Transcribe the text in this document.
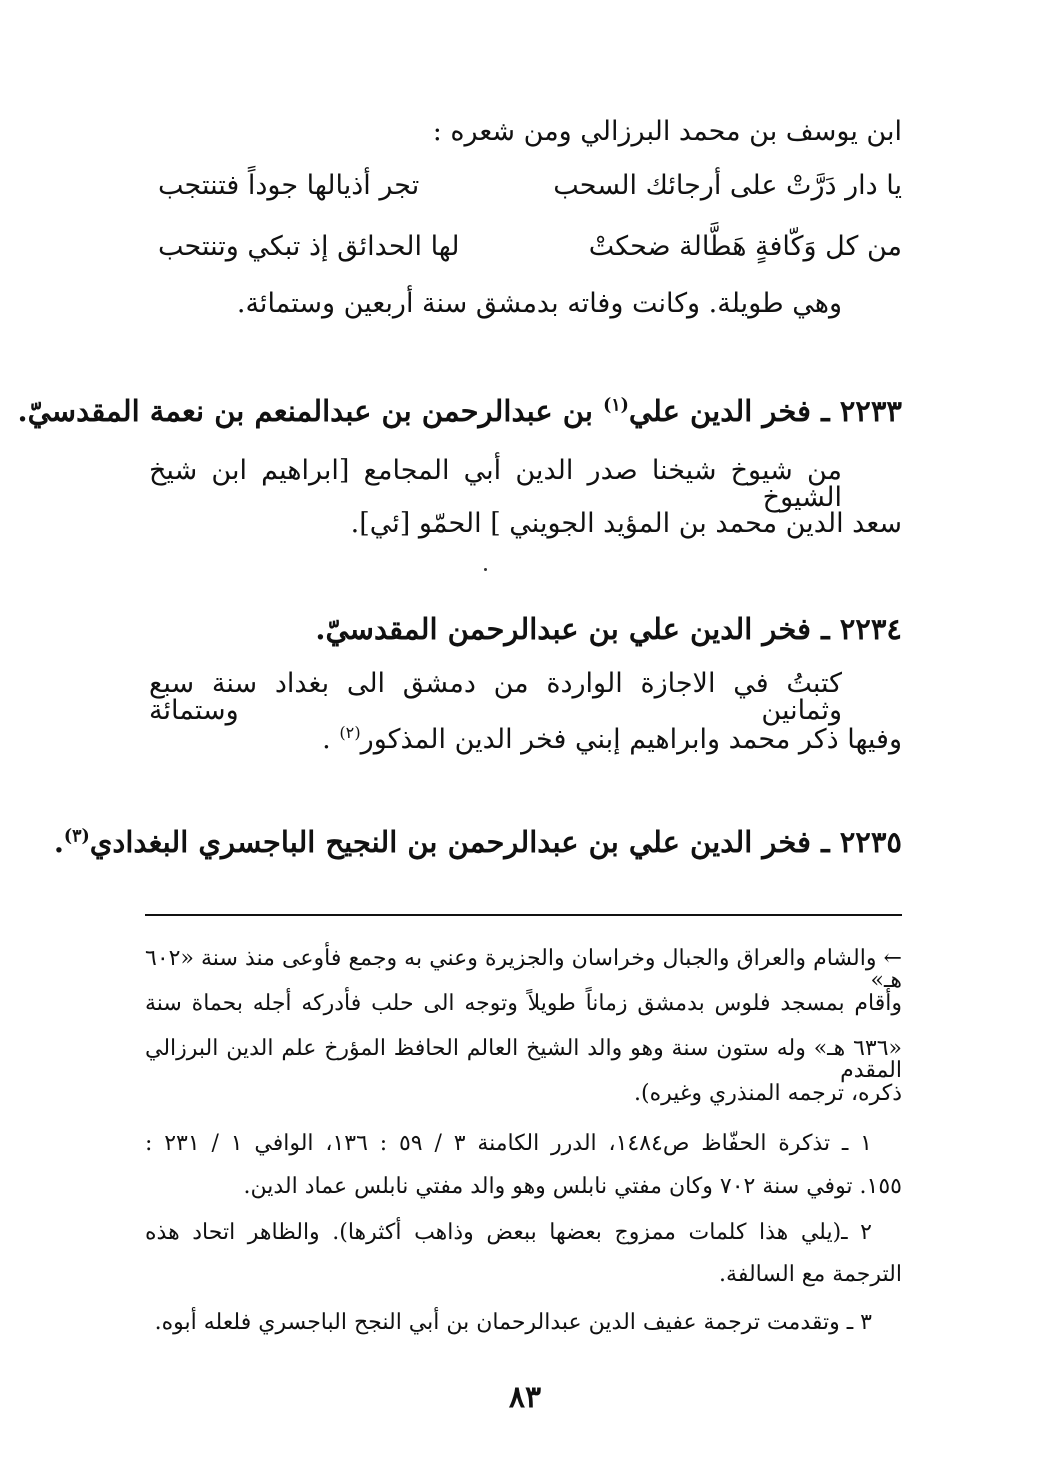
ابن يوسف بن محمد البرزالي ومن شعره :
يا دار دَرَّتْ على أرجائك السحب
تجر أذيالها جوداً فتنتجب
من كل وَكّافةٍ هَطَّالة ضحكتْ
لها الحدائق إذ تبكي وتنتحب
وهي طويلة. وكانت وفاته بدمشق سنة أربعين وستمائة.
٢٢٣٣ ـ فخر الدين علي$^{(١)}$ بن عبدالرحمن بن عبدالمنعم بن نعمة المقدسيّ.
من شيوخ شيخنا صدر الدين أبي المجامع [ابراهيم ابن شيخ الشيوخ
سعد الدين محمد بن المؤيد الجويني ] الحمّو [ئي].
٢٢٣٤ ـ فخر الدين علي بن عبدالرحمن المقدسيّ.
كتبتُ في الاجازة الواردة من دمشق الى بغداد سنة سبع وثمانين وستمائة
وفيها ذكر محمد وابراهيم إبني فخر الدين المذكور$^{(٢)}$ .
٢٢٣٥ ـ فخر الدين علي بن عبدالرحمن بن النجيح الباجسري البغدادي$^{(٣)}$.
← والشام والعراق والجبال وخراسان والجزيرة وعني به وجمع فأوعى منذ سنة «٦٠٢ هـ»
وأقام بمسجد فلوس بدمشق زماناً طويلاً وتوجه الى حلب فأدركه أجله بحماة سنة
«٦٣٦ هـ» وله ستون سنة وهو والد الشيخ العالم الحافظ المؤرخ علم الدين البرزالي المقدم
ذكره، ترجمه المنذري وغيره).
١ ـ تذكرة الحفّاظ ص١٤٨٤، الدرر الكامنة ٣ / ٥٩ : ١٣٦، الوافي ١ / ٢٣١ :
١٥٥. توفي سنة ٧٠٢ وكان مفتي نابلس وهو والد مفتي نابلس عماد الدين.
٢ ـ(يلي هذا كلمات ممزوج بعضها ببعض وذاهب أكثرها). والظاهر اتحاد هذه
الترجمة مع السالفة.
٣ ـ وتقدمت ترجمة عفيف الدين عبدالرحمان بن أبي النجح الباجسري فلعله أبوه.
٨٣
